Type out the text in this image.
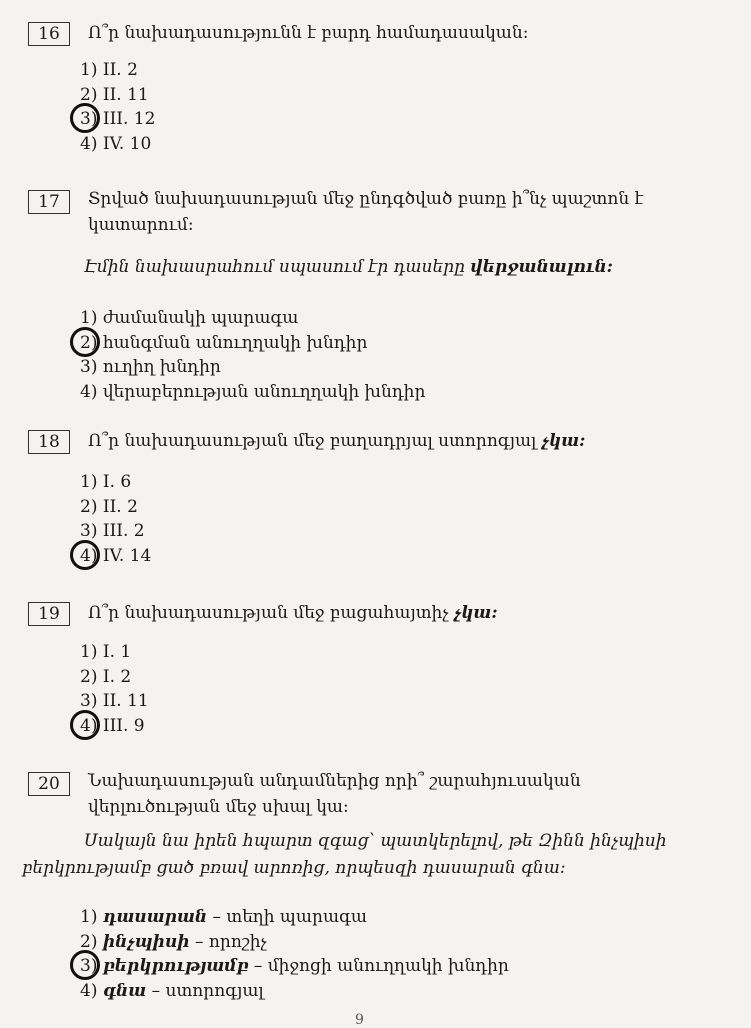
16	Ո՞ր նախադասությունն է բարդ համադասական:
1) II. 2
2) II. 11
3) III. 12
4) IV. 10
17	Տրված նախադասության մեջ ընդգծված բառը ի՞նչ պաշտոն է կատարում:
Էմին նախասրահում սպասում էր դասերը վերջանալուն:
1) ժամանակի պարագա
2) հանգման անուղղակի խնդիր
3) ուղիղ խնդիր
4) վերաբերության անուղղակի խնդիր
18	Ո՞ր նախադասության մեջ բաղադրյալ ստորոգյալ չկա:
1) I. 6
2) II. 2
3) III. 2
4) IV. 14
19	Ո՞ր նախադասության մեջ բացահայտիչ չկա:
1) I. 1
2) I. 2
3) II. 11
4) III. 9
20	Նախադասության անդամներից որի՞ շարահյուսական վերլուծության մեջ սխալ կա:
Սակայն նա իրեն հպարտ զգաց՝ պատկերելով, թե Զինն ինչպիսի բերկրությամբ ցած բռավ արոռից, որպեսզի դասարան գնա:
1) դասարան – տեղի պարագա
2) ինչպիսի – որոշիչ
3) բերկրությամբ – միջոցի անուղղակի խնդիր
4) գնա – ստորոգյալ
9
